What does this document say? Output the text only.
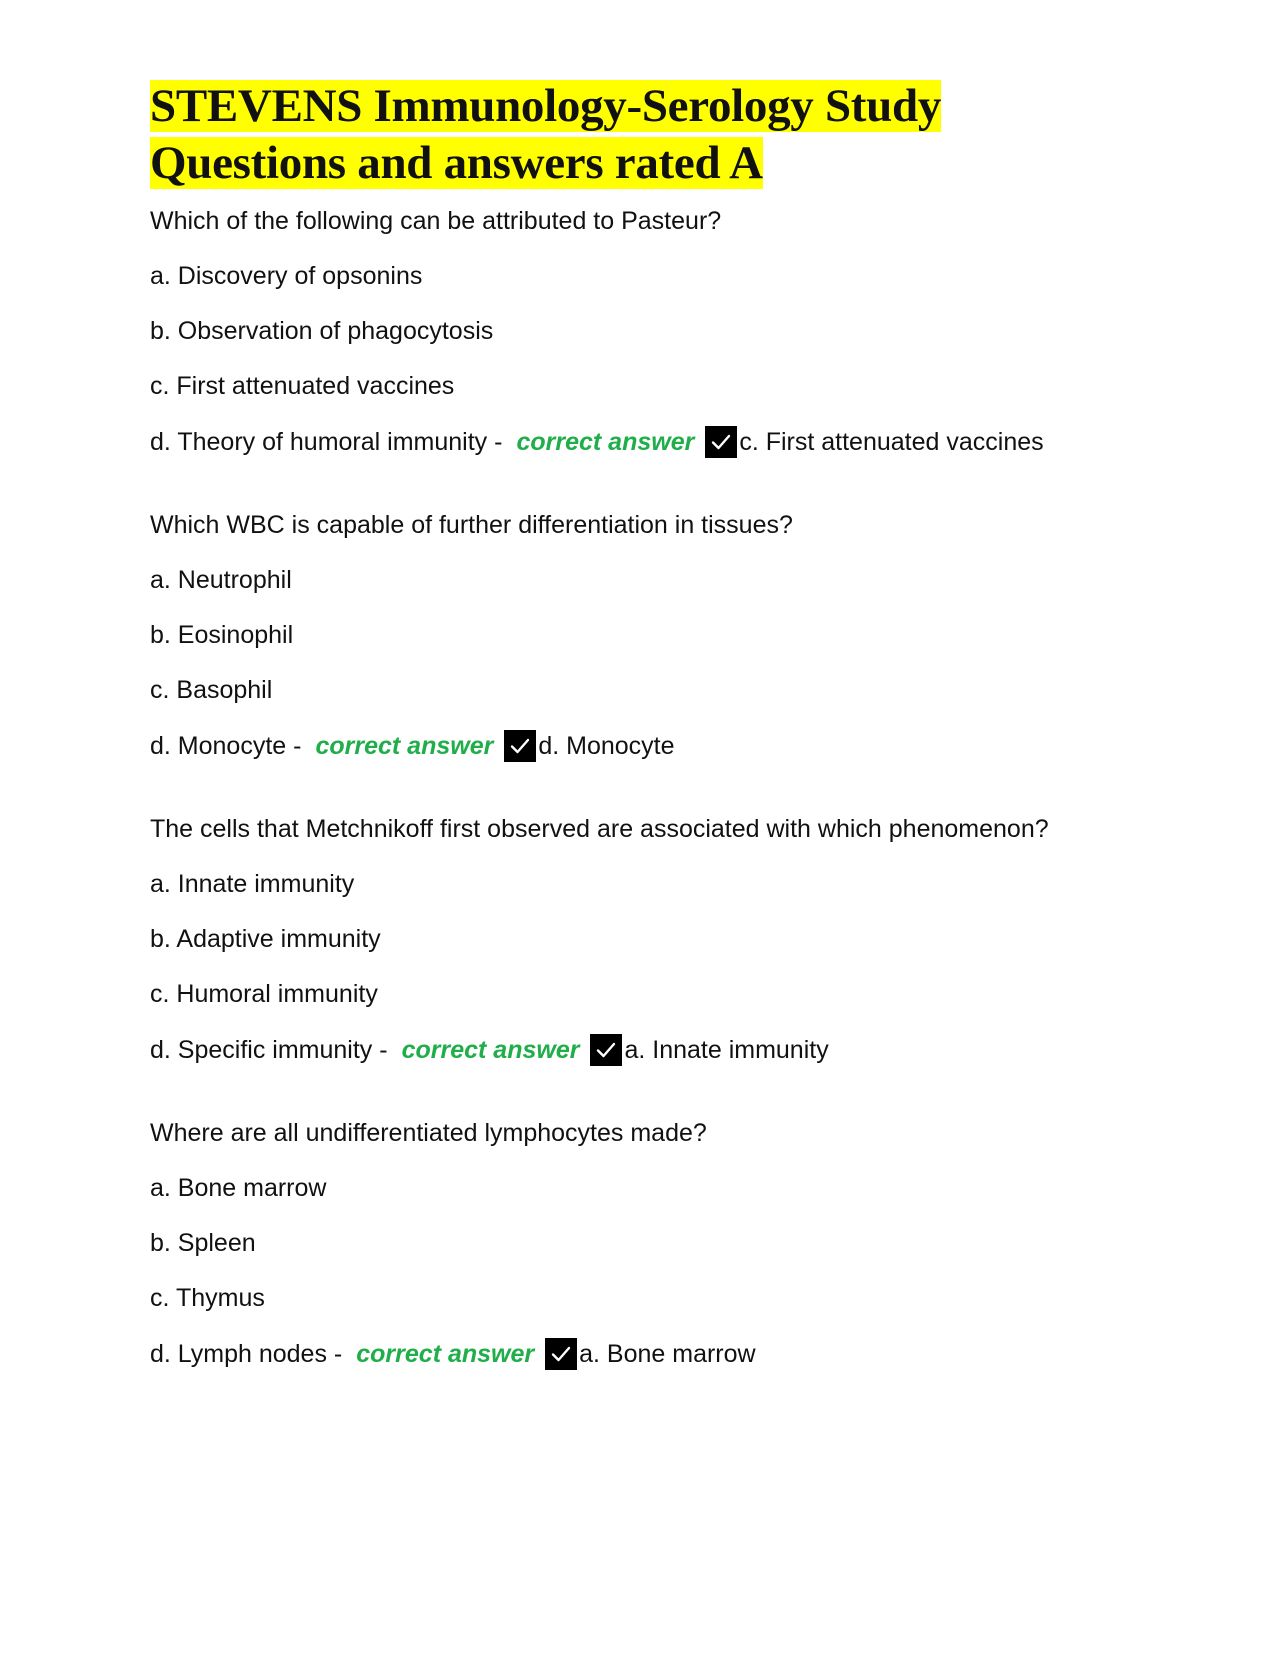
STEVENS Immunology-Serology Study
Questions and answers rated A
Which of the following can be attributed to Pasteur?
a. Discovery of opsonins
b. Observation of phagocytosis
c. First attenuated vaccines
d. Theory of humoral immunity - correct answer c. First attenuated vaccines
Which WBC is capable of further differentiation in tissues?
a. Neutrophil
b. Eosinophil
c. Basophil
d. Monocyte - correct answer d. Monocyte
The cells that Metchnikoff first observed are associated with which phenomenon?
a. Innate immunity
b. Adaptive immunity
c. Humoral immunity
d. Specific immunity - correct answer a. Innate immunity
Where are all undifferentiated lymphocytes made?
a. Bone marrow
b. Spleen
c. Thymus
d. Lymph nodes - correct answer a. Bone marrow
